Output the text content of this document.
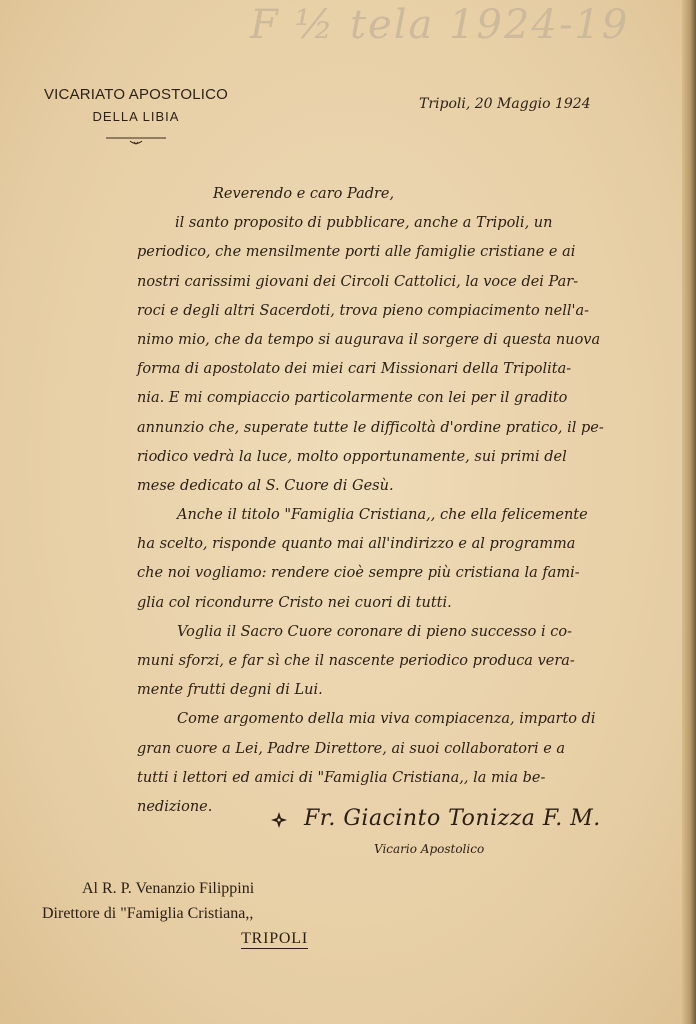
F ½ tela 1924-19
VICARIATO APOSTOLICO
DELLA LIBIA
Tripoli, 20 Maggio 1924
Reverendo e caro Padre,
il santo proposito di pubblicare, anche a Tripoli, un
periodico, che mensilmente porti alle famiglie cristiane e ai
nostri carissimi giovani dei Circoli Cattolici, la voce dei Par-
roci e degli altri Sacerdoti, trova pieno compiacimento nell'a-
nimo mio, che da tempo si augurava il sorgere di questa nuova
forma di apostolato dei miei cari Missionari della Tripolita-
nia. E mi compiaccio particolarmente con lei per il gradito
annunzio che, superate tutte le difficoltà d'ordine pratico, il pe-
riodico vedrà la luce, molto opportunamente, sui primi del
mese dedicato al S. Cuore di Gesù.
Anche il titolo "Famiglia Cristiana,, che ella felicemente
ha scelto, risponde quanto mai all'indirizzo e al programma
che noi vogliamo: rendere cioè sempre più cristiana la fami-
glia col ricondurre Cristo nei cuori di tutti.
Voglia il Sacro Cuore coronare di pieno successo i co-
muni sforzi, e far sì che il nascente periodico produca vera-
mente frutti degni di Lui.
Come argomento della mia viva compiacenza, imparto di
gran cuore a Lei, Padre Direttore, ai suoi collaboratori e a
tutti i lettori ed amici di "Famiglia Cristiana,, la mia be-
nedizione.	Fr. Giacinto Tonizza F. M.
Vicario Apostolico
Al R. P. Venanzio Filippini
Direttore di "Famiglia Cristiana,,
TRIPOLI
